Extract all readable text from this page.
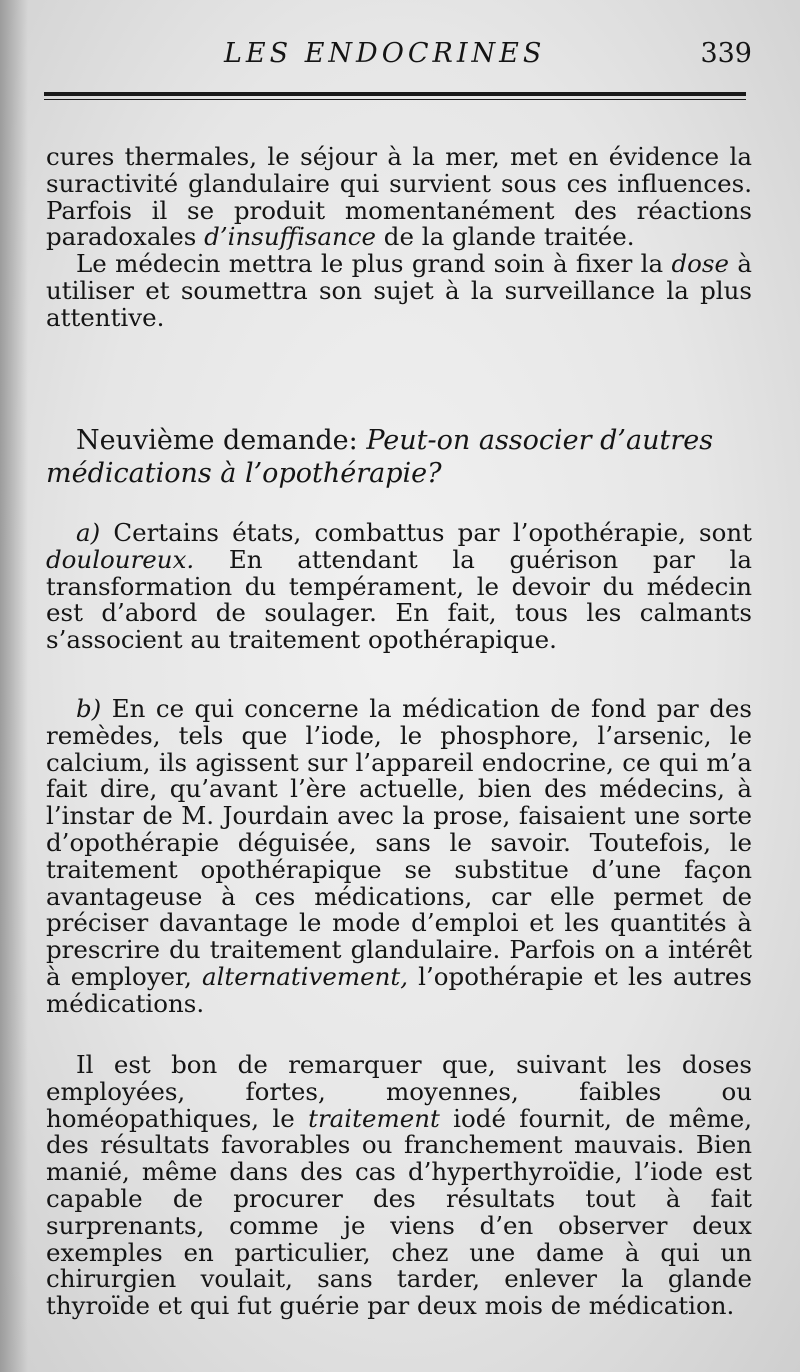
LES ENDOCRINES	339

cures thermales, le séjour à la mer, met en évidence la suractivité glandulaire qui survient sous ces influences. Parfois il se produit momentanément des réactions paradoxales d’insuffisance de la glande traitée.

Le médecin mettra le plus grand soin à fixer la dose à utiliser et soumettra son sujet à la surveillance la plus attentive.

Neuvième demande: Peut-on associer d’autres médications à l’opothérapie?
a) Certains états, combattus par l’opothérapie, sont douloureux. En attendant la guérison par la transformation du tempérament, le devoir du médecin est d’abord de soulager. En fait, tous les calmants s’associent au traitement opothérapique.
b) En ce qui concerne la médication de fond par des remèdes, tels que l’iode, le phosphore, l’arsenic, le calcium, ils agissent sur l’appareil endocrine, ce qui m’a fait dire, qu’avant l’ère actuelle, bien des médecins, à l’instar de M. Jourdain avec la prose, faisaient une sorte d’opothérapie déguisée, sans le savoir. Toutefois, le traitement opothérapique se substitue d’une façon avantageuse à ces médications, car elle permet de préciser davantage le mode d’emploi et les quantités à prescrire du traitement glandulaire. Parfois on a intérêt à employer, alternativement, l’opothérapie et les autres médications.
Il est bon de remarquer que, suivant les doses employées, fortes, moyennes, faibles ou homéopathiques, le traitement iodé fournit, de même, des résultats favorables ou franchement mauvais. Bien manié, même dans des cas d’hyperthyroïdie, l’iode est capable de procurer des résultats tout à fait surprenants, comme je viens d’en observer deux exemples en particulier, chez une dame à qui un chirurgien voulait, sans tarder, enlever la glande thyroïde et qui fut guérie par deux mois de médication.
